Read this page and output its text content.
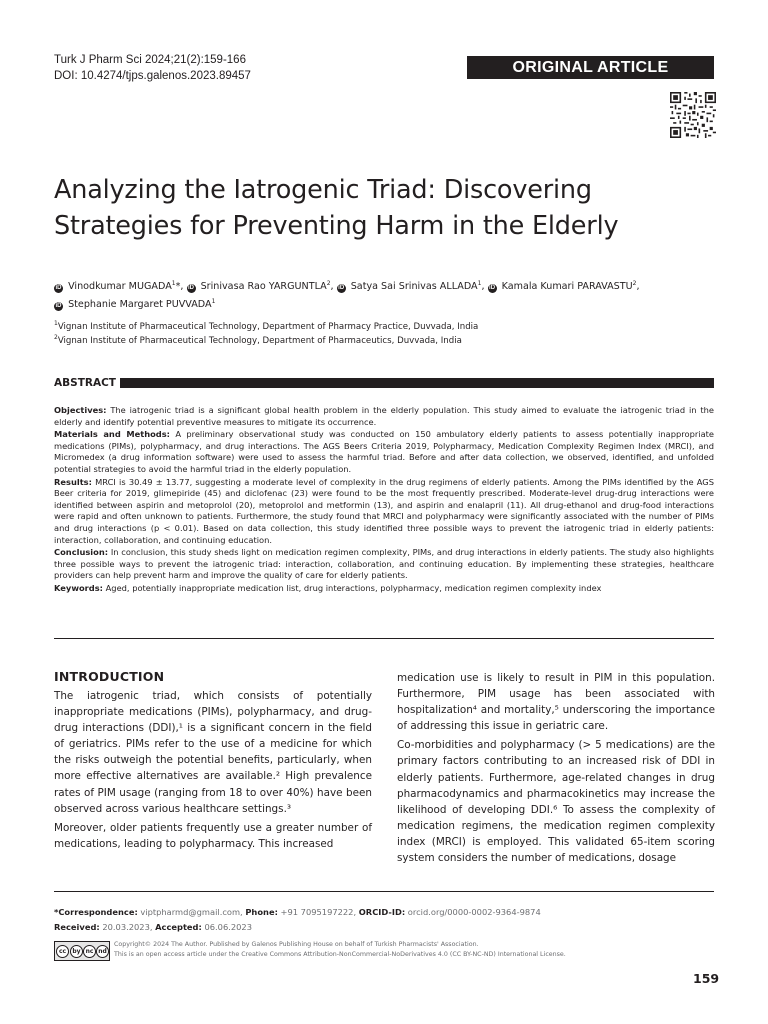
Turk J Pharm Sci 2024;21(2):159-166
DOI: 10.4274/tjps.galenos.2023.89457	ORIGINAL ARTICLE
Analyzing the Iatrogenic Triad: Discovering
Strategies for Preventing Harm in the Elderly
iD Vinodkumar MUGADA$^1$*, iD Srinivasa Rao YARGUNTLA$^2$, iD Satya Sai Srinivas ALLADA$^1$, iD Kamala Kumari PARAVASTU$^2$,
iD Stephanie Margaret PUVVADA$^1$
$^1$Vignan Institute of Pharmaceutical Technology, Department of Pharmacy Practice, Duvvada, India
$^2$Vignan Institute of Pharmaceutical Technology, Department of Pharmaceutics, Duvvada, India
ABSTRACT

Objectives: The iatrogenic triad is a significant global health problem in the elderly population. This study aimed to evaluate the iatrogenic triad in the elderly and identify potential preventive measures to mitigate its occurrence.

Materials and Methods: A preliminary observational study was conducted on 150 ambulatory elderly patients to assess potentially inappropriate medications (PIMs), polypharmacy, and drug interactions. The AGS Beers Criteria 2019, Polypharmacy, Medication Complexity Regimen Index (MRCI), and Micromedex (a drug information software) were used to assess the harmful triad. Before and after data collection, we observed, identified, and unfolded potential strategies to avoid the harmful triad in the elderly population.

Results: MRCI is 30.49 ± 13.77, suggesting a moderate level of complexity in the drug regimens of elderly patients. Among the PIMs identified by the AGS Beer criteria for 2019, glimepiride (45) and diclofenac (23) were found to be the most frequently prescribed. Moderate-level drug-drug interactions were identified between aspirin and metoprolol (20), metoprolol and metformin (13), and aspirin and enalapril (11). All drug-ethanol and drug-food interactions were rapid and often unknown to patients. Furthermore, the study found that MRCI and polypharmacy were significantly associated with the number of PIMs and drug interactions (p < 0.01). Based on data collection, this study identified three possible ways to prevent the iatrogenic triad in elderly patients: interaction, collaboration, and continuing education.

Conclusion: In conclusion, this study sheds light on medication regimen complexity, PIMs, and drug interactions in elderly patients. The study also highlights three possible ways to prevent the iatrogenic triad: interaction, collaboration, and continuing education. By implementing these strategies, healthcare providers can help prevent harm and improve the quality of care for elderly patients.

Keywords: Aged, potentially inappropriate medication list, drug interactions, polypharmacy, medication regimen complexity index

INTRODUCTION

The iatrogenic triad, which consists of potentially inappropriate medications (PIMs), polypharmacy, and drug-drug interactions (DDI),¹ is a significant concern in the field of geriatrics. PIMs refer to the use of a medicine for which the risks outweigh the potential benefits, particularly, when more effective alternatives are available.² High prevalence rates of PIM usage (ranging from 18 to over 40%) have been observed across various healthcare settings.³

Moreover, older patients frequently use a greater number of medications, leading to polypharmacy. This increased

medication use is likely to result in PIM in this population. Furthermore, PIM usage has been associated with hospitalization⁴ and mortality,⁵ underscoring the importance of addressing this issue in geriatric care.

Co-morbidities and polypharmacy (> 5 medications) are the primary factors contributing to an increased risk of DDI in elderly patients. Furthermore, age-related changes in drug pharmacodynamics and pharmacokinetics may increase the likelihood of developing DDI.⁶ To assess the complexity of medication regimens, the medication regimen complexity index (MRCI) is employed. This validated 65-item scoring system considers the number of medications, dosage

*Correspondence: viptpharmd@gmail.com, Phone: +91 7095197222, ORCID-ID: orcid.org/0000-0002-9364-9874
Received: 20.03.2023, Accepted: 06.06.2023
cc	by nc nd
Copyright© 2024 The Author. Published by Galenos Publishing House on behalf of Turkish Pharmacists' Association.
This is an open access article under the Creative Commons Attribution-NonCommercial-NoDerivatives 4.0 (CC BY-NC-ND) International License.
159
